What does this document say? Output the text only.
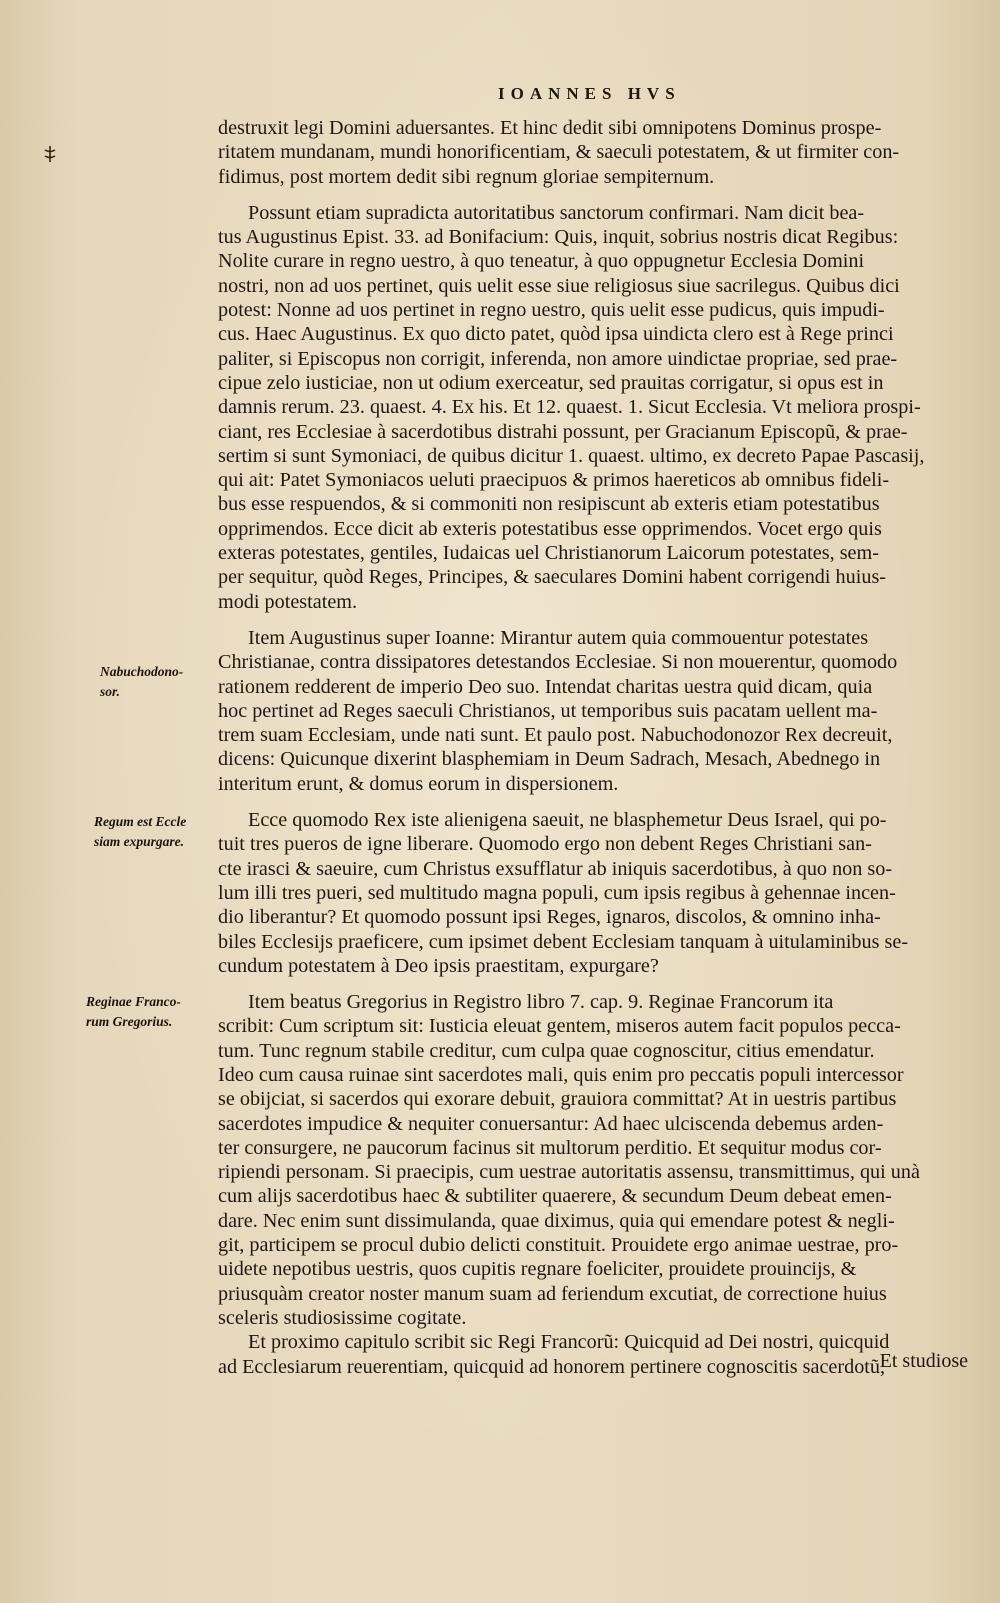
IOANNES HVS

destruxit legi Domini aduersantes. Et hinc dedit sibi omnipotens Dominus prospe-
ritatem mundanam, mundi honorificentiam, & saeculi potestatem, & ut firmiter con-
fidimus, post mortem dedit sibi regnum gloriae sempiternum.

Possunt etiam supradicta autoritatibus sanctorum confirmari. Nam dicit bea-
tus Augustinus Epist. 33. ad Bonifacium: Quis, inquit, sobrius nostris dicat Regibus:
Nolite curare in regno uestro, à quo teneatur, à quo oppugnetur Ecclesia Domini
nostri, non ad uos pertinet, quis uelit esse siue religiosus siue sacrilegus. Quibus dici
potest: Nonne ad uos pertinet in regno uestro, quis uelit esse pudicus, quis impudi-
cus. Haec Augustinus. Ex quo dicto patet, quòd ipsa uindicta clero est à Rege princi
paliter, si Episcopus non corrigit, inferenda, non amore uindictae propriae, sed prae-
cipue zelo iusticiae, non ut odium exerceatur, sed prauitas corrigatur, si opus est in
damnis rerum. 23. quaest. 4. Ex his. Et 12. quaest. 1. Sicut Ecclesia. Vt meliora prospi-
ciant, res Ecclesiae à sacerdotibus distrahi possunt, per Gracianum Episcopũ, & prae-
sertim si sunt Symoniaci, de quibus dicitur 1. quaest. ultimo, ex decreto Papae Pascasij,
qui ait: Patet Symoniacos ueluti praecipuos & primos haereticos ab omnibus fideli-
bus esse respuendos, & si commoniti non resipiscunt ab exteris etiam potestatibus
opprimendos. Ecce dicit ab exteris potestatibus esse opprimendos. Vocet ergo quis
exteras potestates, gentiles, Iudaicas uel Christianorum Laicorum potestates, sem-
per sequitur, quòd Reges, Principes, & saeculares Domini habent corrigendi huius-
modi potestatem.

Item Augustinus super Ioanne: Mirantur autem quia commouentur potestates
Christianae, contra dissipatores detestandos Ecclesiae. Si non mouerentur, quomodo
rationem redderent de imperio Deo suo. Intendat charitas uestra quid dicam, quia
hoc pertinet ad Reges saeculi Christianos, ut temporibus suis pacatam uellent ma-
trem suam Ecclesiam, unde nati sunt. Et paulo post. Nabuchodonozor Rex decreuit,
dicens: Quicunque dixerint blasphemiam in Deum Sadrach, Mesach, Abednego in
interitum erunt, & domus eorum in dispersionem.

Ecce quomodo Rex iste alienigena saeuit, ne blasphemetur Deus Israel, qui po-
tuit tres pueros de igne liberare. Quomodo ergo non debent Reges Christiani san-
cte irasci & saeuire, cum Christus exsufflatur ab iniquis sacerdotibus, à quo non so-
lum illi tres pueri, sed multitudo magna populi, cum ipsis regibus à gehennae incen-
dio liberantur? Et quomodo possunt ipsi Reges, ignaros, discolos, & omnino inha-
biles Ecclesijs praeficere, cum ipsimet debent Ecclesiam tanquam à uitulaminibus se-
cundum potestatem à Deo ipsis praestitam, expurgare?

Item beatus Gregorius in Registro libro 7. cap. 9. Reginae Francorum ita
scribit: Cum scriptum sit: Iusticia eleuat gentem, miseros autem facit populos pecca-
tum. Tunc regnum stabile creditur, cum culpa quae cognoscitur, citius emendatur.
Ideo cum causa ruinae sint sacerdotes mali, quis enim pro peccatis populi intercessor
se obijciat, si sacerdos qui exorare debuit, grauiora committat? At in uestris partibus
sacerdotes impudice & nequiter conuersantur: Ad haec ulciscenda debemus arden-
ter consurgere, ne paucorum facinus sit multorum perditio. Et sequitur modus cor-
ripiendi personam. Si praecipis, cum uestrae autoritatis assensu, transmittimus, qui unà
cum alijs sacerdotibus haec & subtiliter quaerere, & secundum Deum debeat emen-
dare. Nec enim sunt dissimulanda, quae diximus, quia qui emendare potest & negli-
git, participem se procul dubio delicti constituit. Prouidete ergo animae uestrae, pro-
uidete nepotibus uestris, quos cupitis regnare foeliciter, prouidete prouincijs, &
priusquàm creator noster manum suam ad feriendum excutiat, de correctione huius
sceleris studiosissime cogitate.

Et proximo capitulo scribit sic Regi Francorũ: Quicquid ad Dei nostri, quicquid
ad Ecclesiarum reuerentiam, quicquid ad honorem pertinere cognoscitis sacerdotũ,

Nabuchodono-
sor.
Regum est Eccle
siam expurgare.
Reginae Franco-
rum Gregorius.
Et studiose
